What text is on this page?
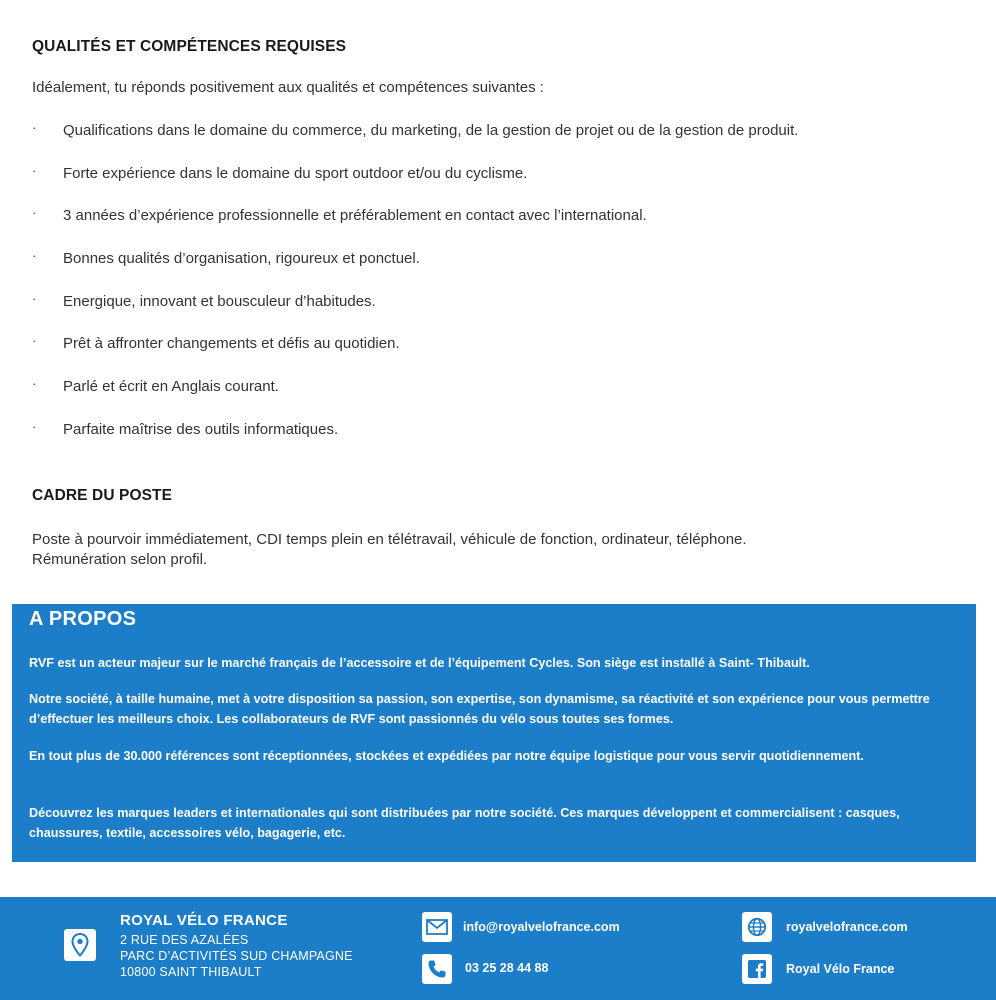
QUALITÉS ET COMPÉTENCES REQUISES
Idéalement, tu réponds positivement aux qualités et compétences suivantes :
· Qualifications dans le domaine du commerce, du marketing, de la gestion de projet ou de la gestion de produit.
· Forte expérience dans le domaine du sport outdoor et/ou du cyclisme.
· 3 années d’expérience professionnelle et préférablement en contact avec l’international.
· Bonnes qualités d’organisation, rigoureux et ponctuel.
· Energique, innovant et bousculeur d’habitudes.
· Prêt à affronter changements et défis au quotidien.
· Parlé et écrit en Anglais courant.
· Parfaite maîtrise des outils informatiques.
CADRE DU POSTE
Poste à pourvoir immédiatement, CDI temps plein en télétravail, véhicule de fonction, ordinateur, téléphone.
Rémunération selon profil.
A PROPOS

RVF est un acteur majeur sur le marché français de l’accessoire et de l’équipement Cycles. Son siège est installé à Saint- Thibault.

Notre société, à taille humaine, met à votre disposition sa passion, son expertise, son dynamisme, sa réactivité et son expérience pour vous permettre d’effectuer les meilleurs choix. Les collaborateurs de RVF sont passionnés du vélo sous toutes ses formes.

En tout plus de 30.000 références sont réceptionnées, stockées et expédiées par notre équipe logistique pour vous servir quotidiennement.

Découvrez les marques leaders et internationales qui sont distribuées par notre société. Ces marques développent et commercialisent : casques, chaussures, textile, accessoires vélo, bagagerie, etc.

ROYAL VÉLO FRANCE
2 RUE DES AZALÉES
PARC D’ACTIVITÉS SUD CHAMPAGNE
10800 SAINT THIBAULT
info@royalvelofrance.com
03 25 28 44 88
royalvelofrance.com
Royal Vélo France
